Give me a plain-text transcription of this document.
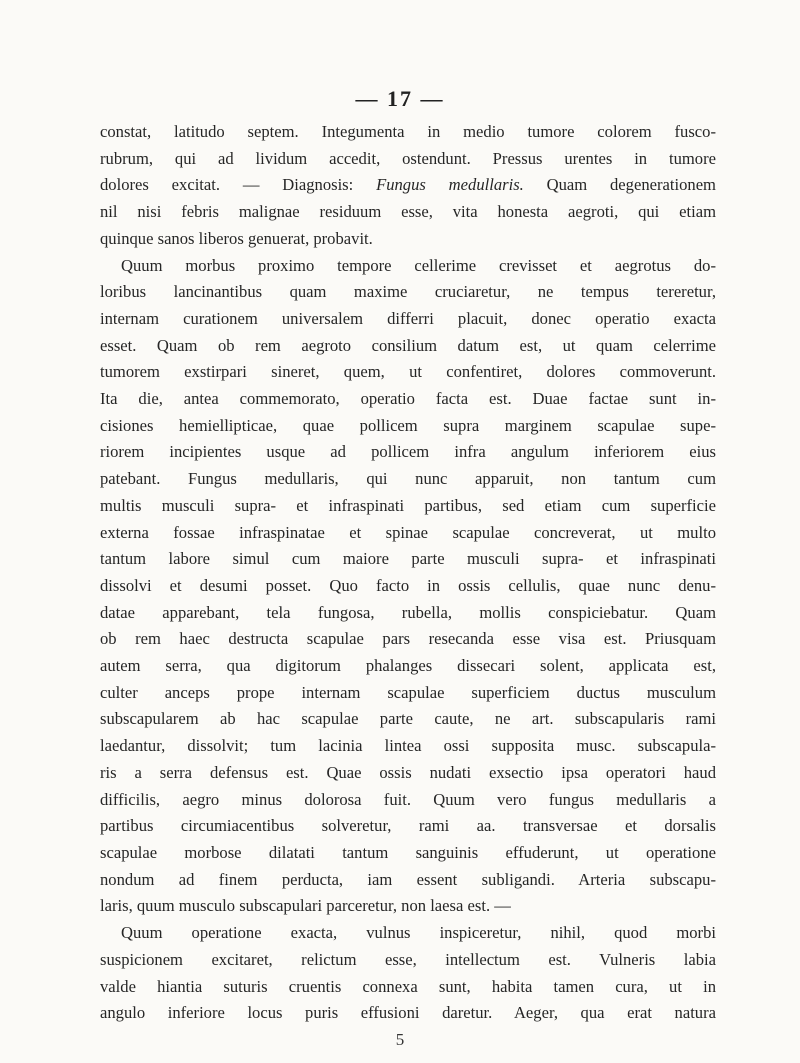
— 17 —
constat, latitudo septem. Integumenta in medio tumore colorem fusco-
rubrum, qui ad lividum accedit, ostendunt. Pressus urentes in tumore
dolores excitat. — Diagnosis: Fungus medullaris. Quam degenerationem
nil nisi febris malignae residuum esse, vita honesta aegroti, qui etiam
quinque sanos liberos genuerat, probavit.
Quum morbus proximo tempore cellerime crevisset et aegrotus do-
loribus lancinantibus quam maxime cruciaretur, ne tempus tereretur,
internam curationem universalem differri placuit, donec operatio exacta
esset. Quam ob rem aegroto consilium datum est, ut quam celerrime
tumorem exstirpari sineret, quem, ut confentiret, dolores commoverunt.
Ita die, antea commemorato, operatio facta est. Duae factae sunt in-
cisiones hemiellipticae, quae pollicem supra marginem scapulae supe-
riorem incipientes usque ad pollicem infra angulum inferiorem eius
patebant. Fungus medullaris, qui nunc apparuit, non tantum cum
multis musculi supra- et infraspinati partibus, sed etiam cum superficie
externa fossae infraspinatae et spinae scapulae concreverat, ut multo
tantum labore simul cum maiore parte musculi supra- et infraspinati
dissolvi et desumi posset. Quo facto in ossis cellulis, quae nunc denu-
datae apparebant, tela fungosa, rubella, mollis conspiciebatur. Quam
ob rem haec destructa scapulae pars resecanda esse visa est. Priusquam
autem serra, qua digitorum phalanges dissecari solent, applicata est,
culter anceps prope internam scapulae superficiem ductus musculum
subscapularem ab hac scapulae parte caute, ne art. subscapularis rami
laedantur, dissolvit; tum lacinia lintea ossi supposita musc. subscapula-
ris a serra defensus est. Quae ossis nudati exsectio ipsa operatori haud
difficilis, aegro minus dolorosa fuit. Quum vero fungus medullaris a
partibus circumiacentibus solveretur, rami aa. transversae et dorsalis
scapulae morbose dilatati tantum sanguinis effuderunt, ut operatione
nondum ad finem perducta, iam essent subligandi. Arteria subscapu-
laris, quum musculo subscapulari parceretur, non laesa est. —
Quum operatione exacta, vulnus inspiceretur, nihil, quod morbi
suspicionem excitaret, relictum esse, intellectum est. Vulneris labia
valde hiantia suturis cruentis connexa sunt, habita tamen cura, ut in
angulo inferiore locus puris effusioni daretur. Aeger, qua erat natura
5
